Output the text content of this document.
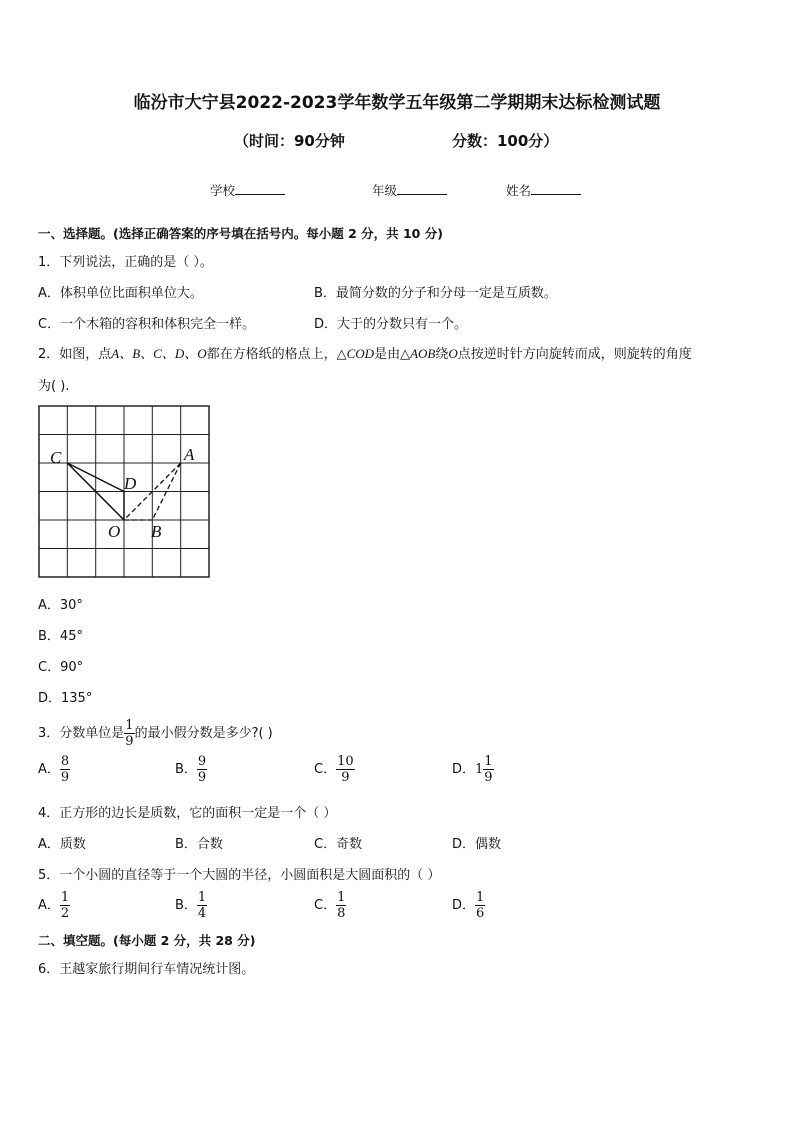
临汾市大宁县2022-2023学年数学五年级第二学期期末达标检测试题
（时间：90分钟	分数：100分）
学校	年级	姓名
一、选择题。(选择正确答案的序号填在括号内。每小题 2 分，共 10 分)
1．下列说法，正确的是（ ）。
A．体积单位比面积单位大。	B．最简分数的分子和分母一定是互质数。
C．一个木箱的容积和体积完全一样。	D．大于的分数只有一个。
2．如图，点A、B、C、D、O都在方格纸的格点上，△COD是由△AOB绕O点按逆时针方向旋转而成，则旋转的角度
为( ).
C	A
D
O B
A．30°
B．45°
C．90°
D．135°
3．分数单位是 $\frac{1}{9}$ 的最小假分数是多少?( )
A． $\frac{8}{9}$	B． $\frac{9}{9}$	C． $\frac{10}{9}$	D．$1 \frac{1}{9}$
4．正方形的边长是质数，它的面积一定是一个（ ）
A．质数	B．合数	C．奇数	D．偶数
5．一个小圆的直径等于一个大圆的半径，小圆面积是大圆面积的（ ）
A． $\frac{1}{2}$	B． $\frac{1}{4}$	C． $\frac{1}{8}$	D． $\frac{1}{6}$
二、填空题。(每小题 2 分，共 28 分)
6．王越家旅行期间行车情况统计图。
